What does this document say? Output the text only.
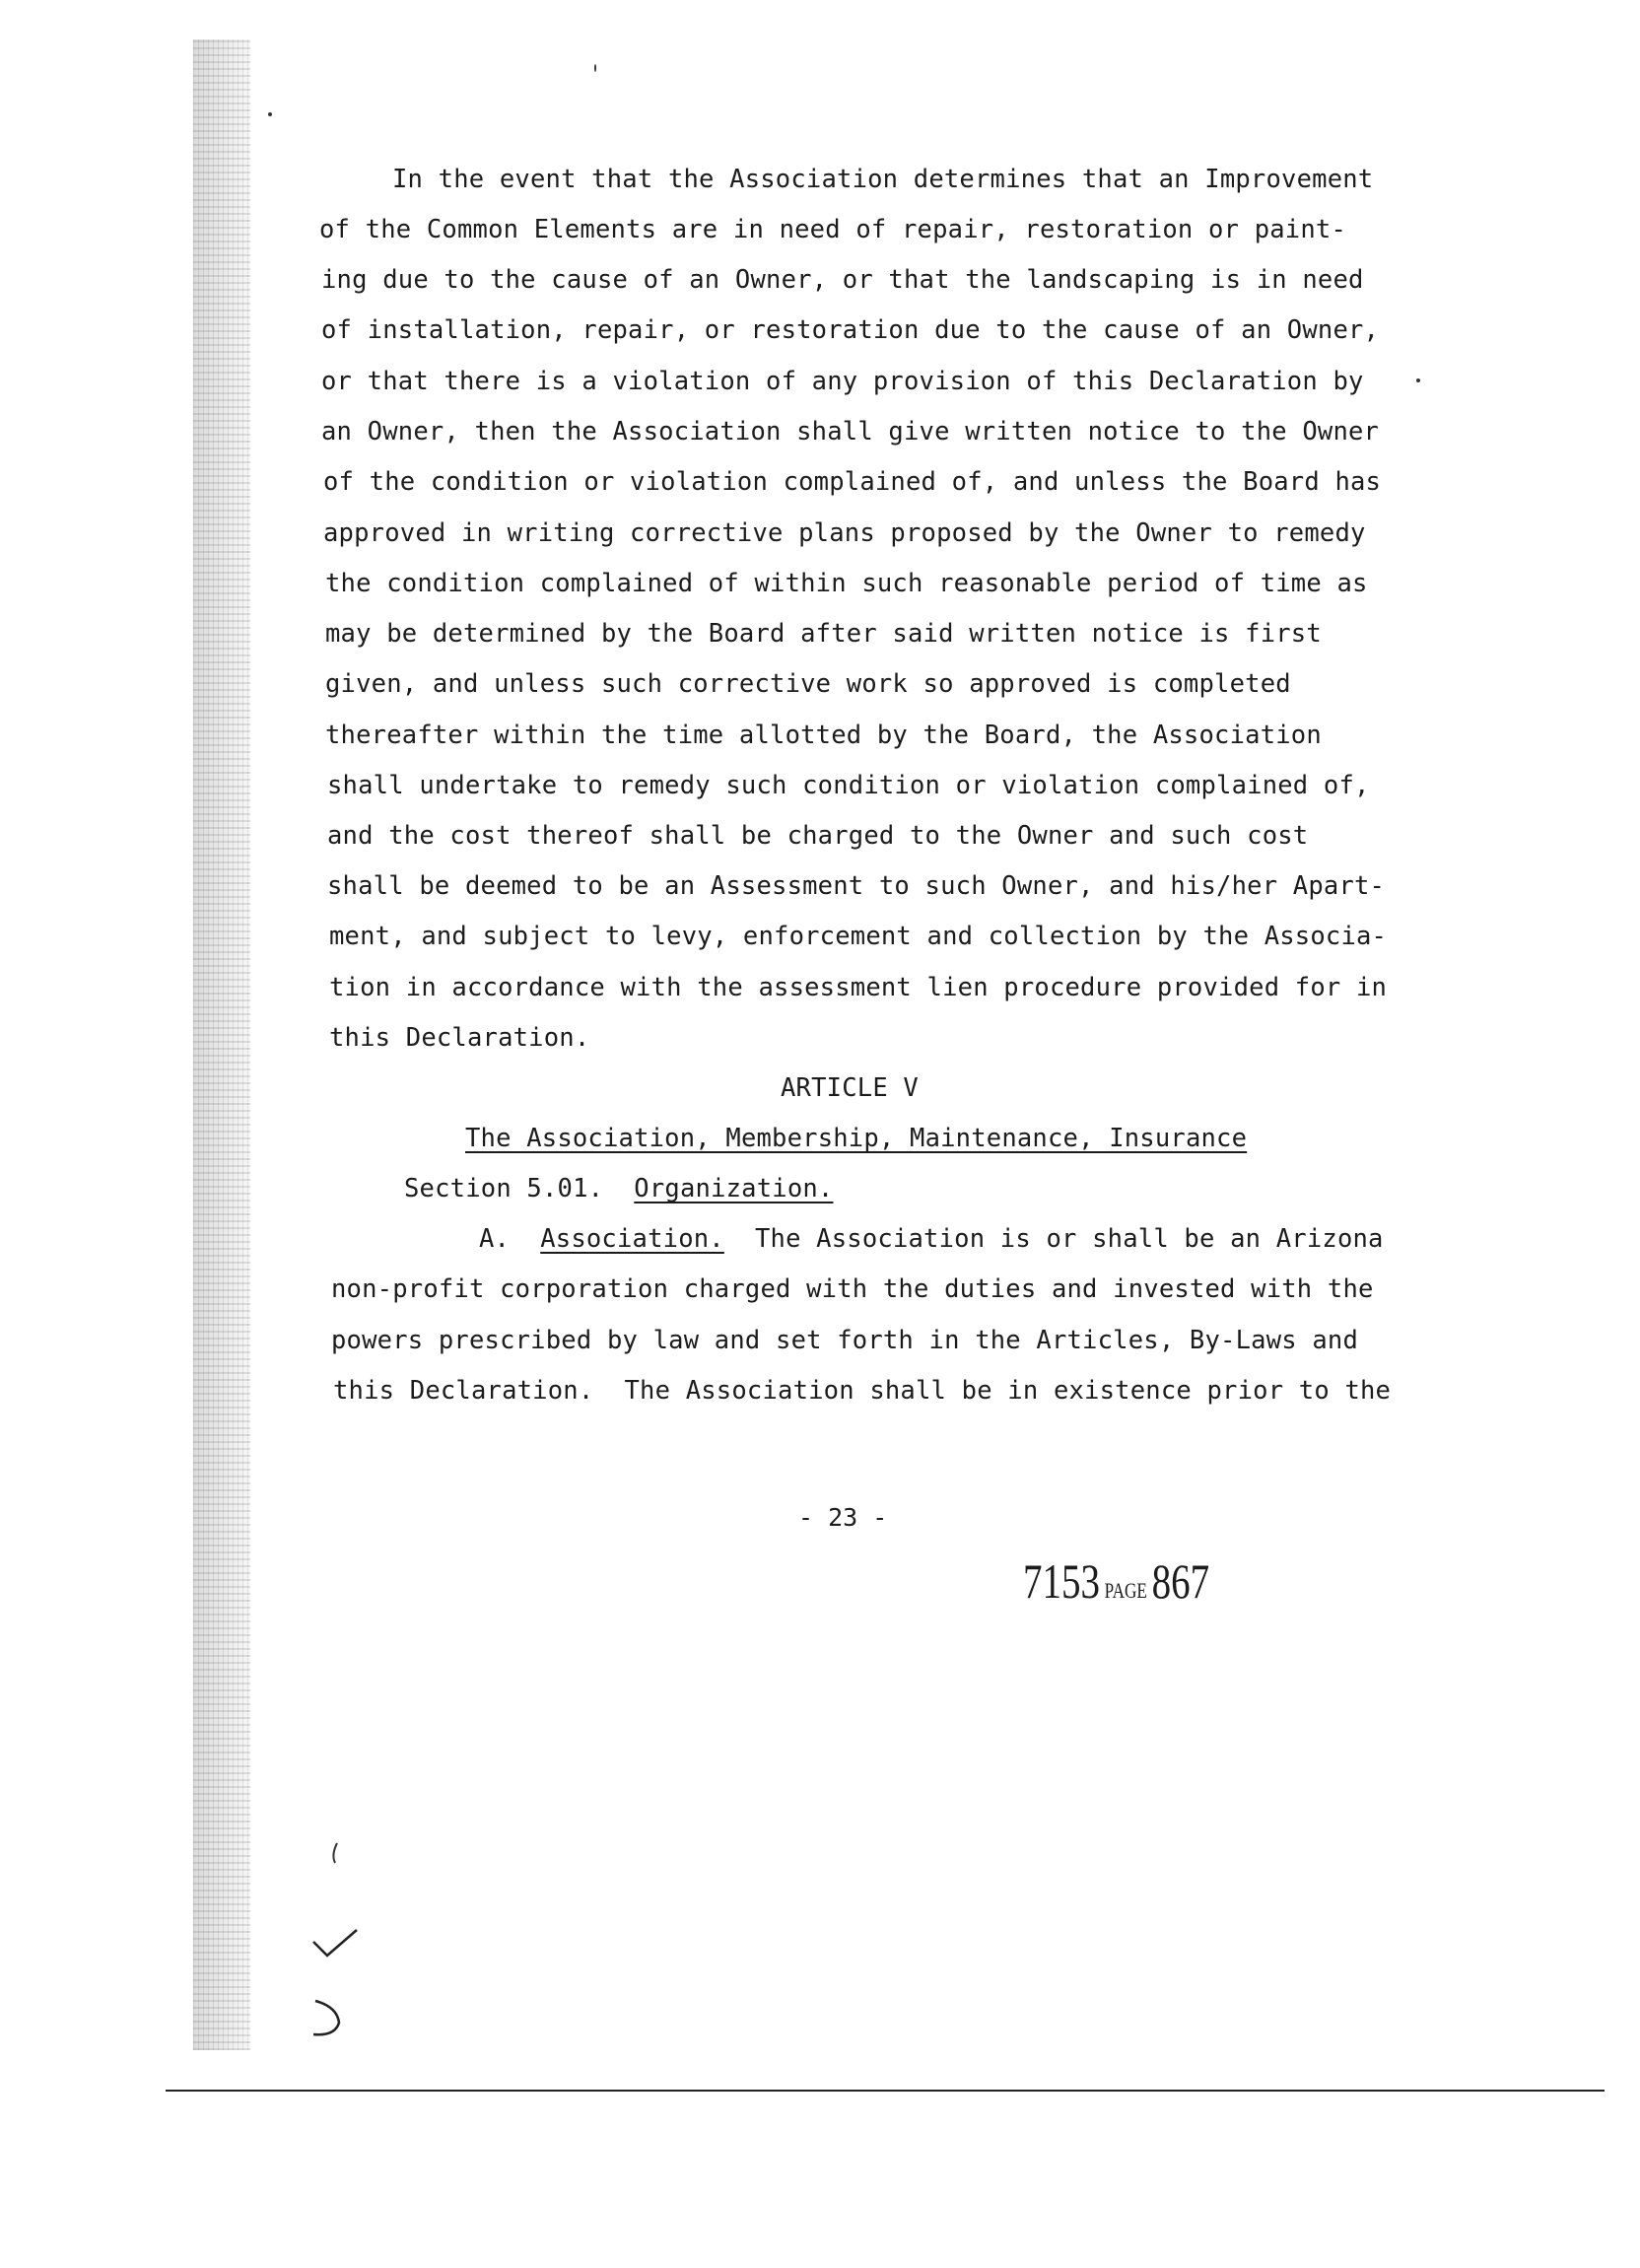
In the event that the Association determines that an Improvement
of the Common Elements are in need of repair, restoration or paint-
ing due to the cause of an Owner, or that the landscaping is in need
of installation, repair, or restoration due to the cause of an Owner,
or that there is a violation of any provision of this Declaration by
an Owner, then the Association shall give written notice to the Owner
of the condition or violation complained of, and unless the Board has
approved in writing corrective plans proposed by the Owner to remedy
the condition complained of within such reasonable period of time as
may be determined by the Board after said written notice is first
given, and unless such corrective work so approved is completed
thereafter within the time allotted by the Board, the Association
shall undertake to remedy such condition or violation complained of,
and the cost thereof shall be charged to the Owner and such cost
shall be deemed to be an Assessment to such Owner, and his/her Apart-
ment, and subject to levy, enforcement and collection by the Associa-
tion in accordance with the assessment lien procedure provided for in
this Declaration.
ARTICLE V
The Association, Membership, Maintenance, Insurance
Section 5.01. Organization.
A. Association. The Association is or shall be an Arizona
non-profit corporation charged with the duties and invested with the
powers prescribed by law and set forth in the Articles, By-Laws and
this Declaration.  The Association shall be in existence prior to the
- 23 -
7153 PAGE867
